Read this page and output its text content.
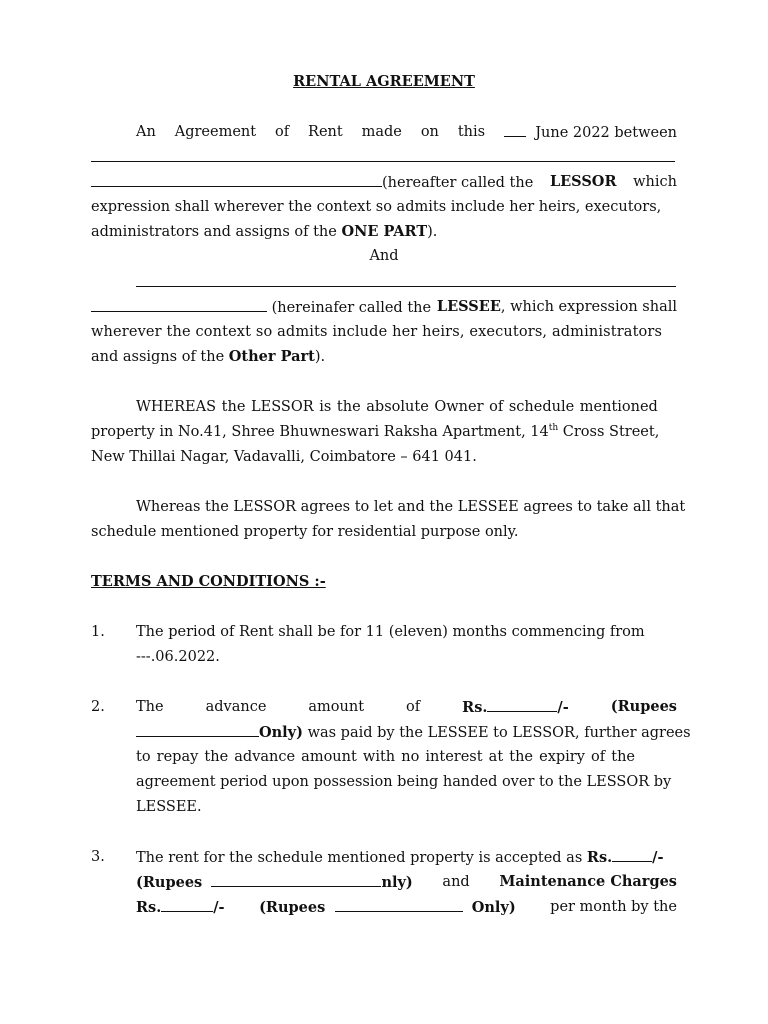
RENTAL AGREEMENT
An Agreement of Rent made on this	June 2022 between
(hereafter called the LESSOR which
expression shall wherever the context so admits include her heirs, executors,
administrators and assigns of the ONE PART).
And
(hereinafer called the LESSEE, which expression shall
wherever the context so admits include her heirs, executors, administrators
and assigns of the Other Part).
WHEREAS the LESSOR is the absolute Owner of schedule mentioned
property in No.41, Shree Bhuwneswari Raksha Apartment, 14th Cross Street,
New Thillai Nagar, Vadavalli, Coimbatore – 641 041.
Whereas the LESSOR agrees to let and the LESSEE agrees to take all that
schedule mentioned property for residential purpose only.
TERMS AND CONDITIONS :-
1. The period of Rent shall be for 11 (eleven) months commencing from
---.06.2022.
2. The	advance	amount	of	Rs.	/-	(Rupees
Only) was paid by the LESSEE to LESSOR, further agrees
to repay the advance amount with no interest at the expiry of the
agreement period upon possession being handed over to the LESSOR by
LESSEE.
3. The rent for the schedule mentioned property is accepted as Rs.	/-
(Rupees	nly) and Maintenance Charges
Rs.	/- (Rupees	Only) per month by the
